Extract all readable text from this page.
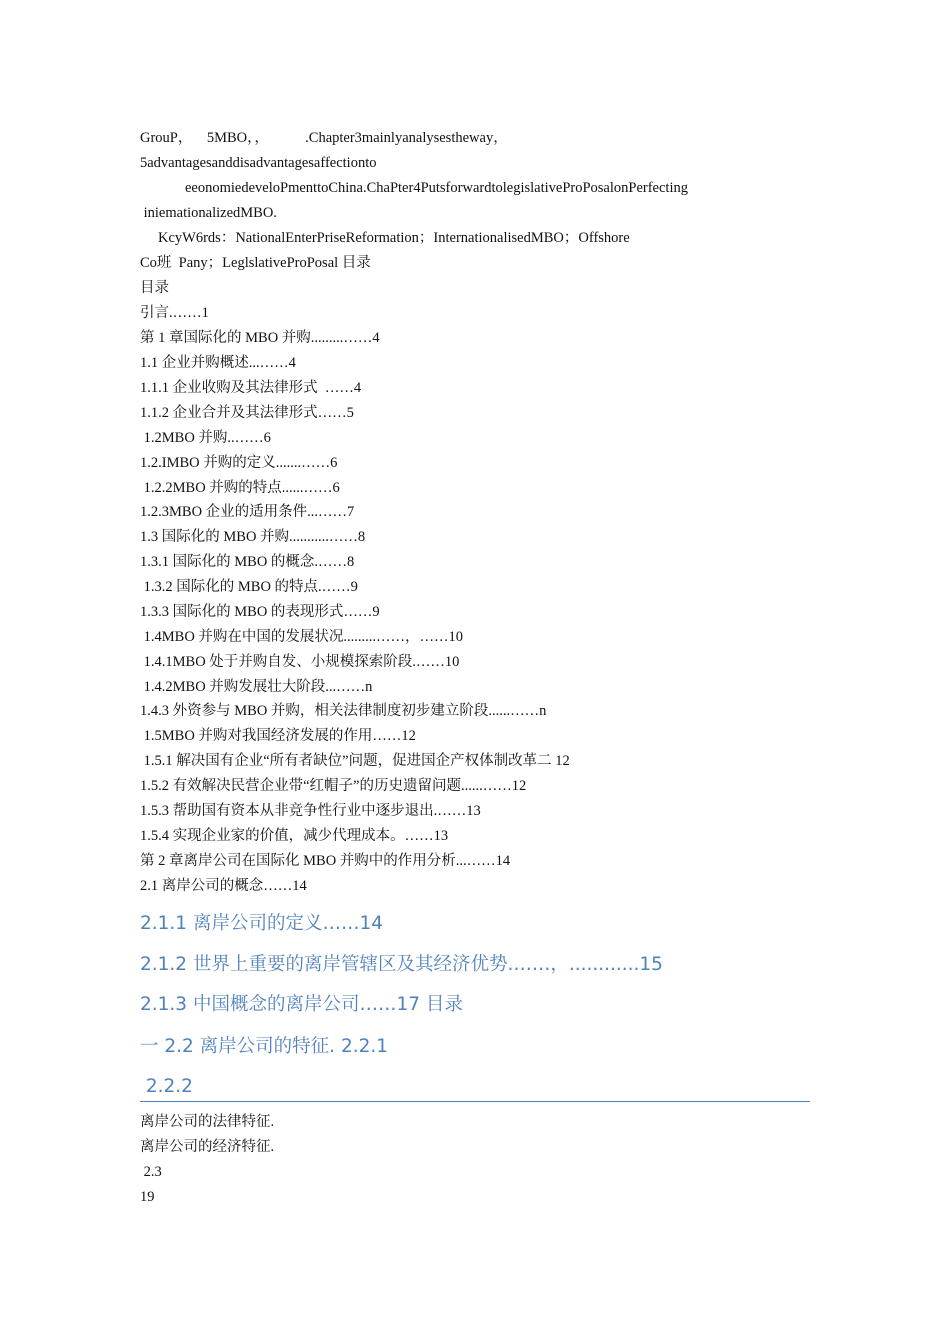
GrouP，    5MBO，，          .Chapter3mainlyanalysestheway，
5advantagesanddisadvantagesaffectionto
eeonomiedeveloPmenttoChina.ChaPter4PutsforwardtolegislativeProPosalonPerfecting
iniemationalizedMBO.
KcyW6rds：NationalEnterPriseReformation；InternationalisedMBO；Offshore
Co班  Pany；LeglslativeProPosal 目录
目录
引言.……1
第 1 章国际化的 MBO 并购.........……4
1.1 企业并购概述...……4
1.1.1 企业收购及其法律形式  ……4
1.1.2 企业合并及其法律形式……5
1.2MBO 并购..……6
1.2.IMBO 并购的定义.......……6
1.2.2MBO 并购的特点......……6
1.2.3MBO 企业的适用条件...……7
1.3 国际化的 MBO 并购...........……8
1.3.1 国际化的 MBO 的概念.……8
1.3.2 国际化的 MBO 的特点.……9
1.3.3 国际化的 MBO 的表现形式……9
1.4MBO 并购在中国的发展状况.........……，……10
1.4.1MBO 处于并购自发、小规模探索阶段.……10
1.4.2MBO 并购发展壮大阶段...……n
1.4.3 外资参与 MBO 并购，相关法律制度初步建立阶段......……n
1.5MBO 并购对我国经济发展的作用……12
1.5.1 解决国有企业“所有者缺位”问题，促进国企产权体制改革二 12
1.5.2 有效解决民营企业带“红帽子”的历史遗留问题......……12
1.5.3 帮助国有资本从非竞争性行业中逐步退出.……13
1.5.4 实现企业家的价值，减少代理成本。……13
第 2 章离岸公司在国际化 MBO 并购中的作用分析...……14
2.1 离岸公司的概念……14
2.1.1 离岸公司的定义……14
2.1.2 世界上重要的离岸管辖区及其经济优势.……，............15
2.1.3 中国概念的离岸公司……17 目录
一 2.2 离岸公司的特征. 2.2.1
2.2.2
离岸公司的法律特征.
离岸公司的经济特征.
2.3
19
